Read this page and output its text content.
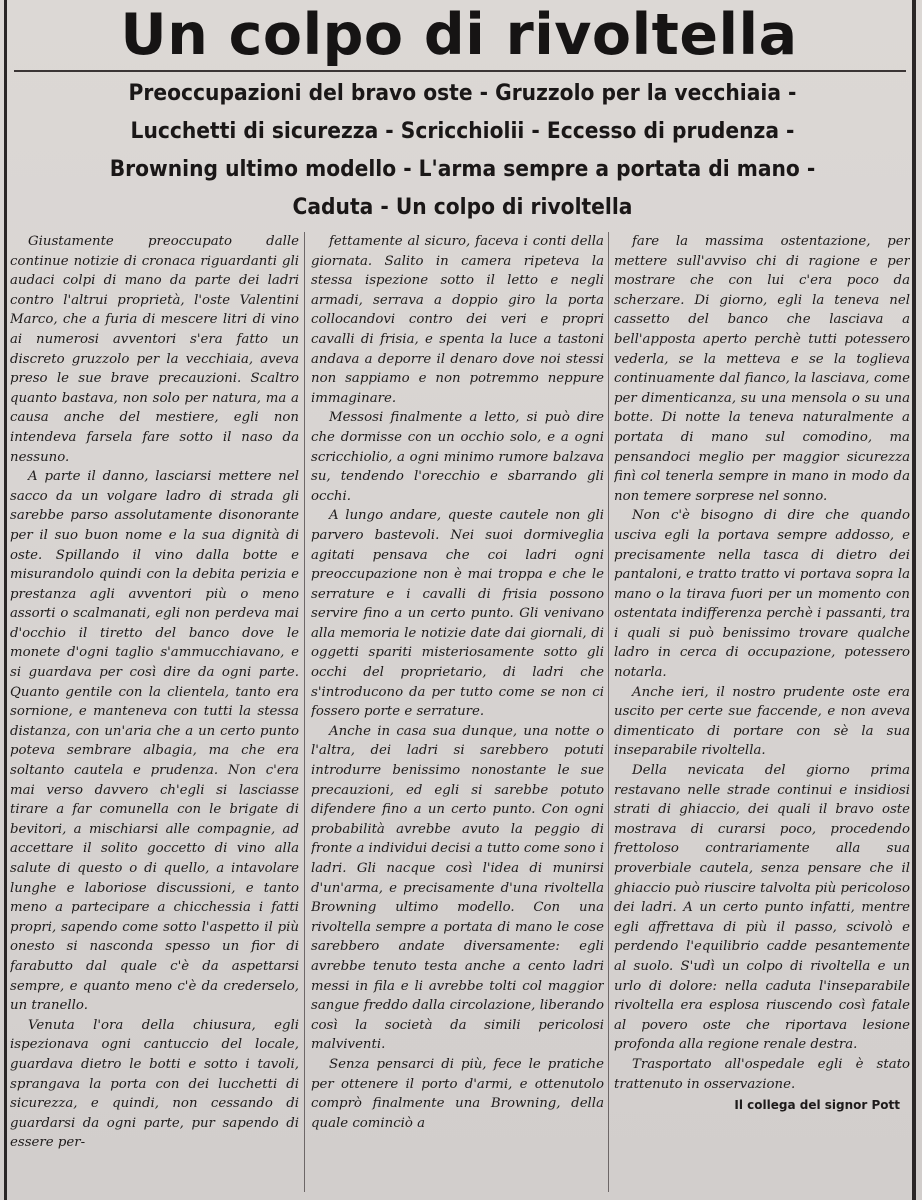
Un colpo di rivoltella
Preoccupazioni del bravo oste - Gruzzolo per la vecchiaia - Lucchetti di sicurezza - Scricchiolii - Eccesso di prudenza - Browning ultimo modello - L'arma sempre a portata di mano - Caduta - Un colpo di rivoltella

Giustamente preoccupato dalle continue notizie di cronaca riguardanti gli audaci colpi di mano da parte dei ladri contro l'altrui proprietà, l'oste Valentini Marco, che a furia di mescere litri di vino ai numerosi avventori s'era fatto un discreto gruzzolo per la vecchiaia, aveva preso le sue brave precauzioni. Scaltro quanto bastava, non solo per natura, ma a causa anche del mestiere, egli non intendeva farsela fare sotto il naso da nessuno.

A parte il danno, lasciarsi mettere nel sacco da un volgare ladro di strada gli sarebbe parso assolutamente disonorante per il suo buon nome e la sua dignità di oste. Spillando il vino dalla botte e misurandolo quindi con la debita perizia e prestanza agli avventori più o meno assorti o scalmanati, egli non perdeva mai d'occhio il tiretto del banco dove le monete d'ogni taglio s'ammucchiavano, e si guardava per così dire da ogni parte. Quanto gentile con la clientela, tanto era sornione, e manteneva con tutti la stessa distanza, con un'aria che a un certo punto poteva sembrare albagia, ma che era soltanto cautela e prudenza. Non c'era mai verso davvero ch'egli si lasciasse tirare a far comunella con le brigate di bevitori, a mischiarsi alle compagnie, ad accettare il solito goccetto di vino alla salute di questo o di quello, a intavolare lunghe e laboriose discussioni, e tanto meno a partecipare a chicchessia i fatti propri, sapendo come sotto l'aspetto il più onesto si nasconda spesso un fior di farabutto dal quale c'è da aspettarsi sempre, e quanto meno c'è da crederselo, un tranello.

Venuta l'ora della chiusura, egli ispezionava ogni cantuccio del locale, guardava dietro le botti e sotto i tavoli, sprangava la porta con dei lucchetti di sicurezza, e quindi, non cessando di guardarsi da ogni parte, pur sapendo di essere per-

fettamente al sicuro, faceva i conti della giornata. Salito in camera ripeteva la stessa ispezione sotto il letto e negli armadi, serrava a doppio giro la porta collocandovi contro dei veri e propri cavalli di frisia, e spenta la luce a tastoni andava a deporre il denaro dove noi stessi non sappiamo e non potremmo neppure immaginare.

Messosi finalmente a letto, si può dire che dormisse con un occhio solo, e a ogni scricchiolio, a ogni minimo rumore balzava su, tendendo l'orecchio e sbarrando gli occhi.

A lungo andare, queste cautele non gli parvero bastevoli. Nei suoi dormiveglia agitati pensava che coi ladri ogni preoccupazione non è mai troppa e che le serrature e i cavalli di frisia possono servire fino a un certo punto. Gli venivano alla memoria le notizie date dai giornali, di oggetti spariti misteriosamente sotto gli occhi del proprietario, di ladri che s'introducono da per tutto come se non ci fossero porte e serrature.

Anche in casa sua dunque, una notte o l'altra, dei ladri si sarebbero potuti introdurre benissimo nonostante le sue precauzioni, ed egli si sarebbe potuto difendere fino a un certo punto. Con ogni probabilità avrebbe avuto la peggio di fronte a individui decisi a tutto come sono i ladri. Gli nacque così l'idea di munirsi d'un'arma, e precisamente d'una rivoltella Browning ultimo modello. Con una rivoltella sempre a portata di mano le cose sarebbero andate diversamente: egli avrebbe tenuto testa anche a cento ladri messi in fila e li avrebbe tolti col maggior sangue freddo dalla circolazione, liberando così la società da simili pericolosi malviventi.

Senza pensarci di più, fece le pratiche per ottenere il porto d'armi, e ottenutolo comprò finalmente una Browning, della quale cominciò a

fare la massima ostentazione, per mettere sull'avviso chi di ragione e per mostrare che con lui c'era poco da scherzare. Di giorno, egli la teneva nel cassetto del banco che lasciava a bell'apposta aperto perchè tutti potessero vederla, se la metteva e se la toglieva continuamente dal fianco, la lasciava, come per dimenticanza, su una mensola o su una botte. Di notte la teneva naturalmente a portata di mano sul comodino, ma pensandoci meglio per maggior sicurezza finì col tenerla sempre in mano in modo da non temere sorprese nel sonno.

Non c'è bisogno di dire che quando usciva egli la portava sempre addosso, e precisamente nella tasca di dietro dei pantaloni, e tratto tratto vi portava sopra la mano o la tirava fuori per un momento con ostentata indifferenza perchè i passanti, tra i quali si può benissimo trovare qualche ladro in cerca di occupazione, potessero notarla.

Anche ieri, il nostro prudente oste era uscito per certe sue faccende, e non aveva dimenticato di portare con sè la sua inseparabile rivoltella.

Della nevicata del giorno prima restavano nelle strade continui e insidiosi strati di ghiaccio, dei quali il bravo oste mostrava di curarsi poco, procedendo frettoloso contrariamente alla sua proverbiale cautela, senza pensare che il ghiaccio può riuscire talvolta più pericoloso dei ladri. A un certo punto infatti, mentre egli affrettava di più il passo, scivolò e perdendo l'equilibrio cadde pesantemente al suolo. S'udì un colpo di rivoltella e un urlo di dolore: nella caduta l'inseparabile rivoltella era esplosa riuscendo così fatale al povero oste che riportava lesione profonda alla regione renale destra.

Trasportato all'ospedale egli è stato trattenuto in osservazione.

Il collega del signor Pott
